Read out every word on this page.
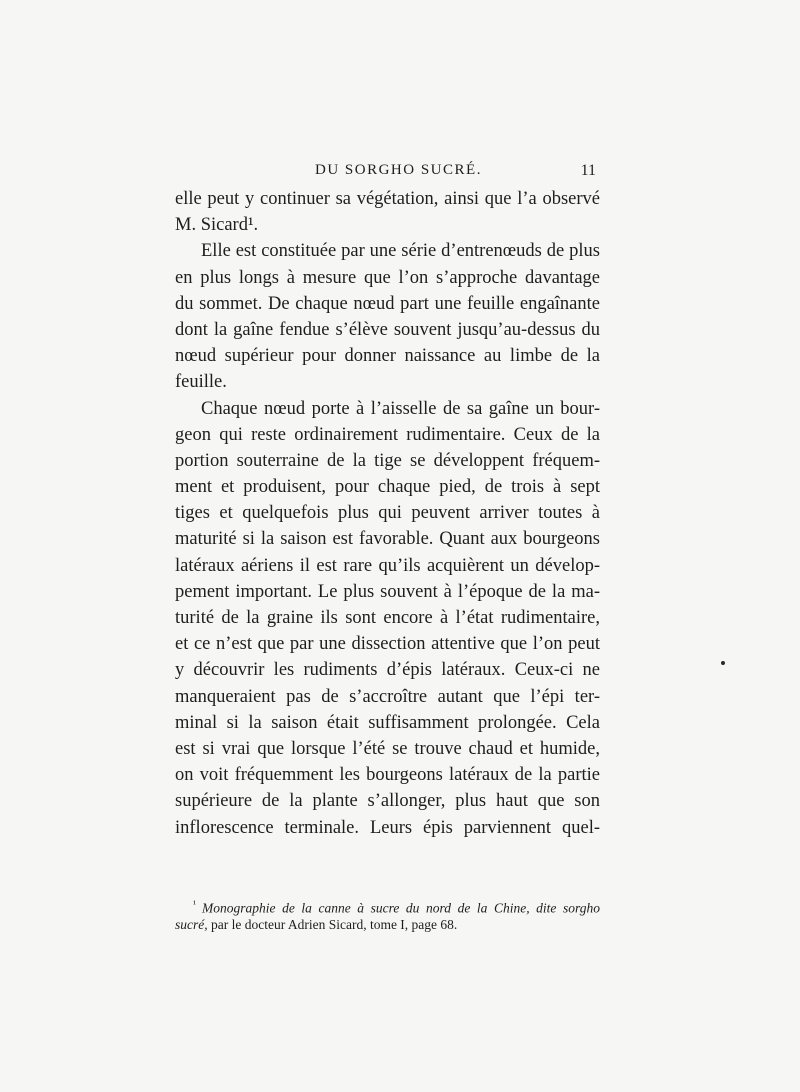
DU SORGHO SUCRÉ.	11
elle peut y continuer sa végétation, ainsi que l’a observé
M. Sicard¹.
Elle est constituée par une série d’entrenœuds de plus
en plus longs à mesure que l’on s’approche davantage
du sommet. De chaque nœud part une feuille engaînante
dont la gaîne fendue s’élève souvent jusqu’au-dessus du
nœud supérieur pour donner naissance au limbe de la
feuille.
Chaque nœud porte à l’aisselle de sa gaîne un bour-
geon qui reste ordinairement rudimentaire. Ceux de la
portion souterraine de la tige se développent fréquem-
ment et produisent, pour chaque pied, de trois à sept
tiges et quelquefois plus qui peuvent arriver toutes à
maturité si la saison est favorable. Quant aux bourgeons
latéraux aériens il est rare qu’ils acquièrent un dévelop-
pement important. Le plus souvent à l’époque de la ma-
turité de la graine ils sont encore à l’état rudimentaire,
et ce n’est que par une dissection attentive que l’on peut
y découvrir les rudiments d’épis latéraux. Ceux-ci ne
manqueraient pas de s’accroître autant que l’épi ter-
minal si la saison était suffisamment prolongée. Cela
est si vrai que lorsque l’été se trouve chaud et humide,
on voit fréquemment les bourgeons latéraux de la partie
supérieure de la plante s’allonger, plus haut que son
inflorescence terminale. Leurs épis parviennent quel-
$^{^1}$ Monographie de la canne à sucre du nord de la Chine, dite sorgho
sucré, par le docteur Adrien Sicard, tome I, page 68.
